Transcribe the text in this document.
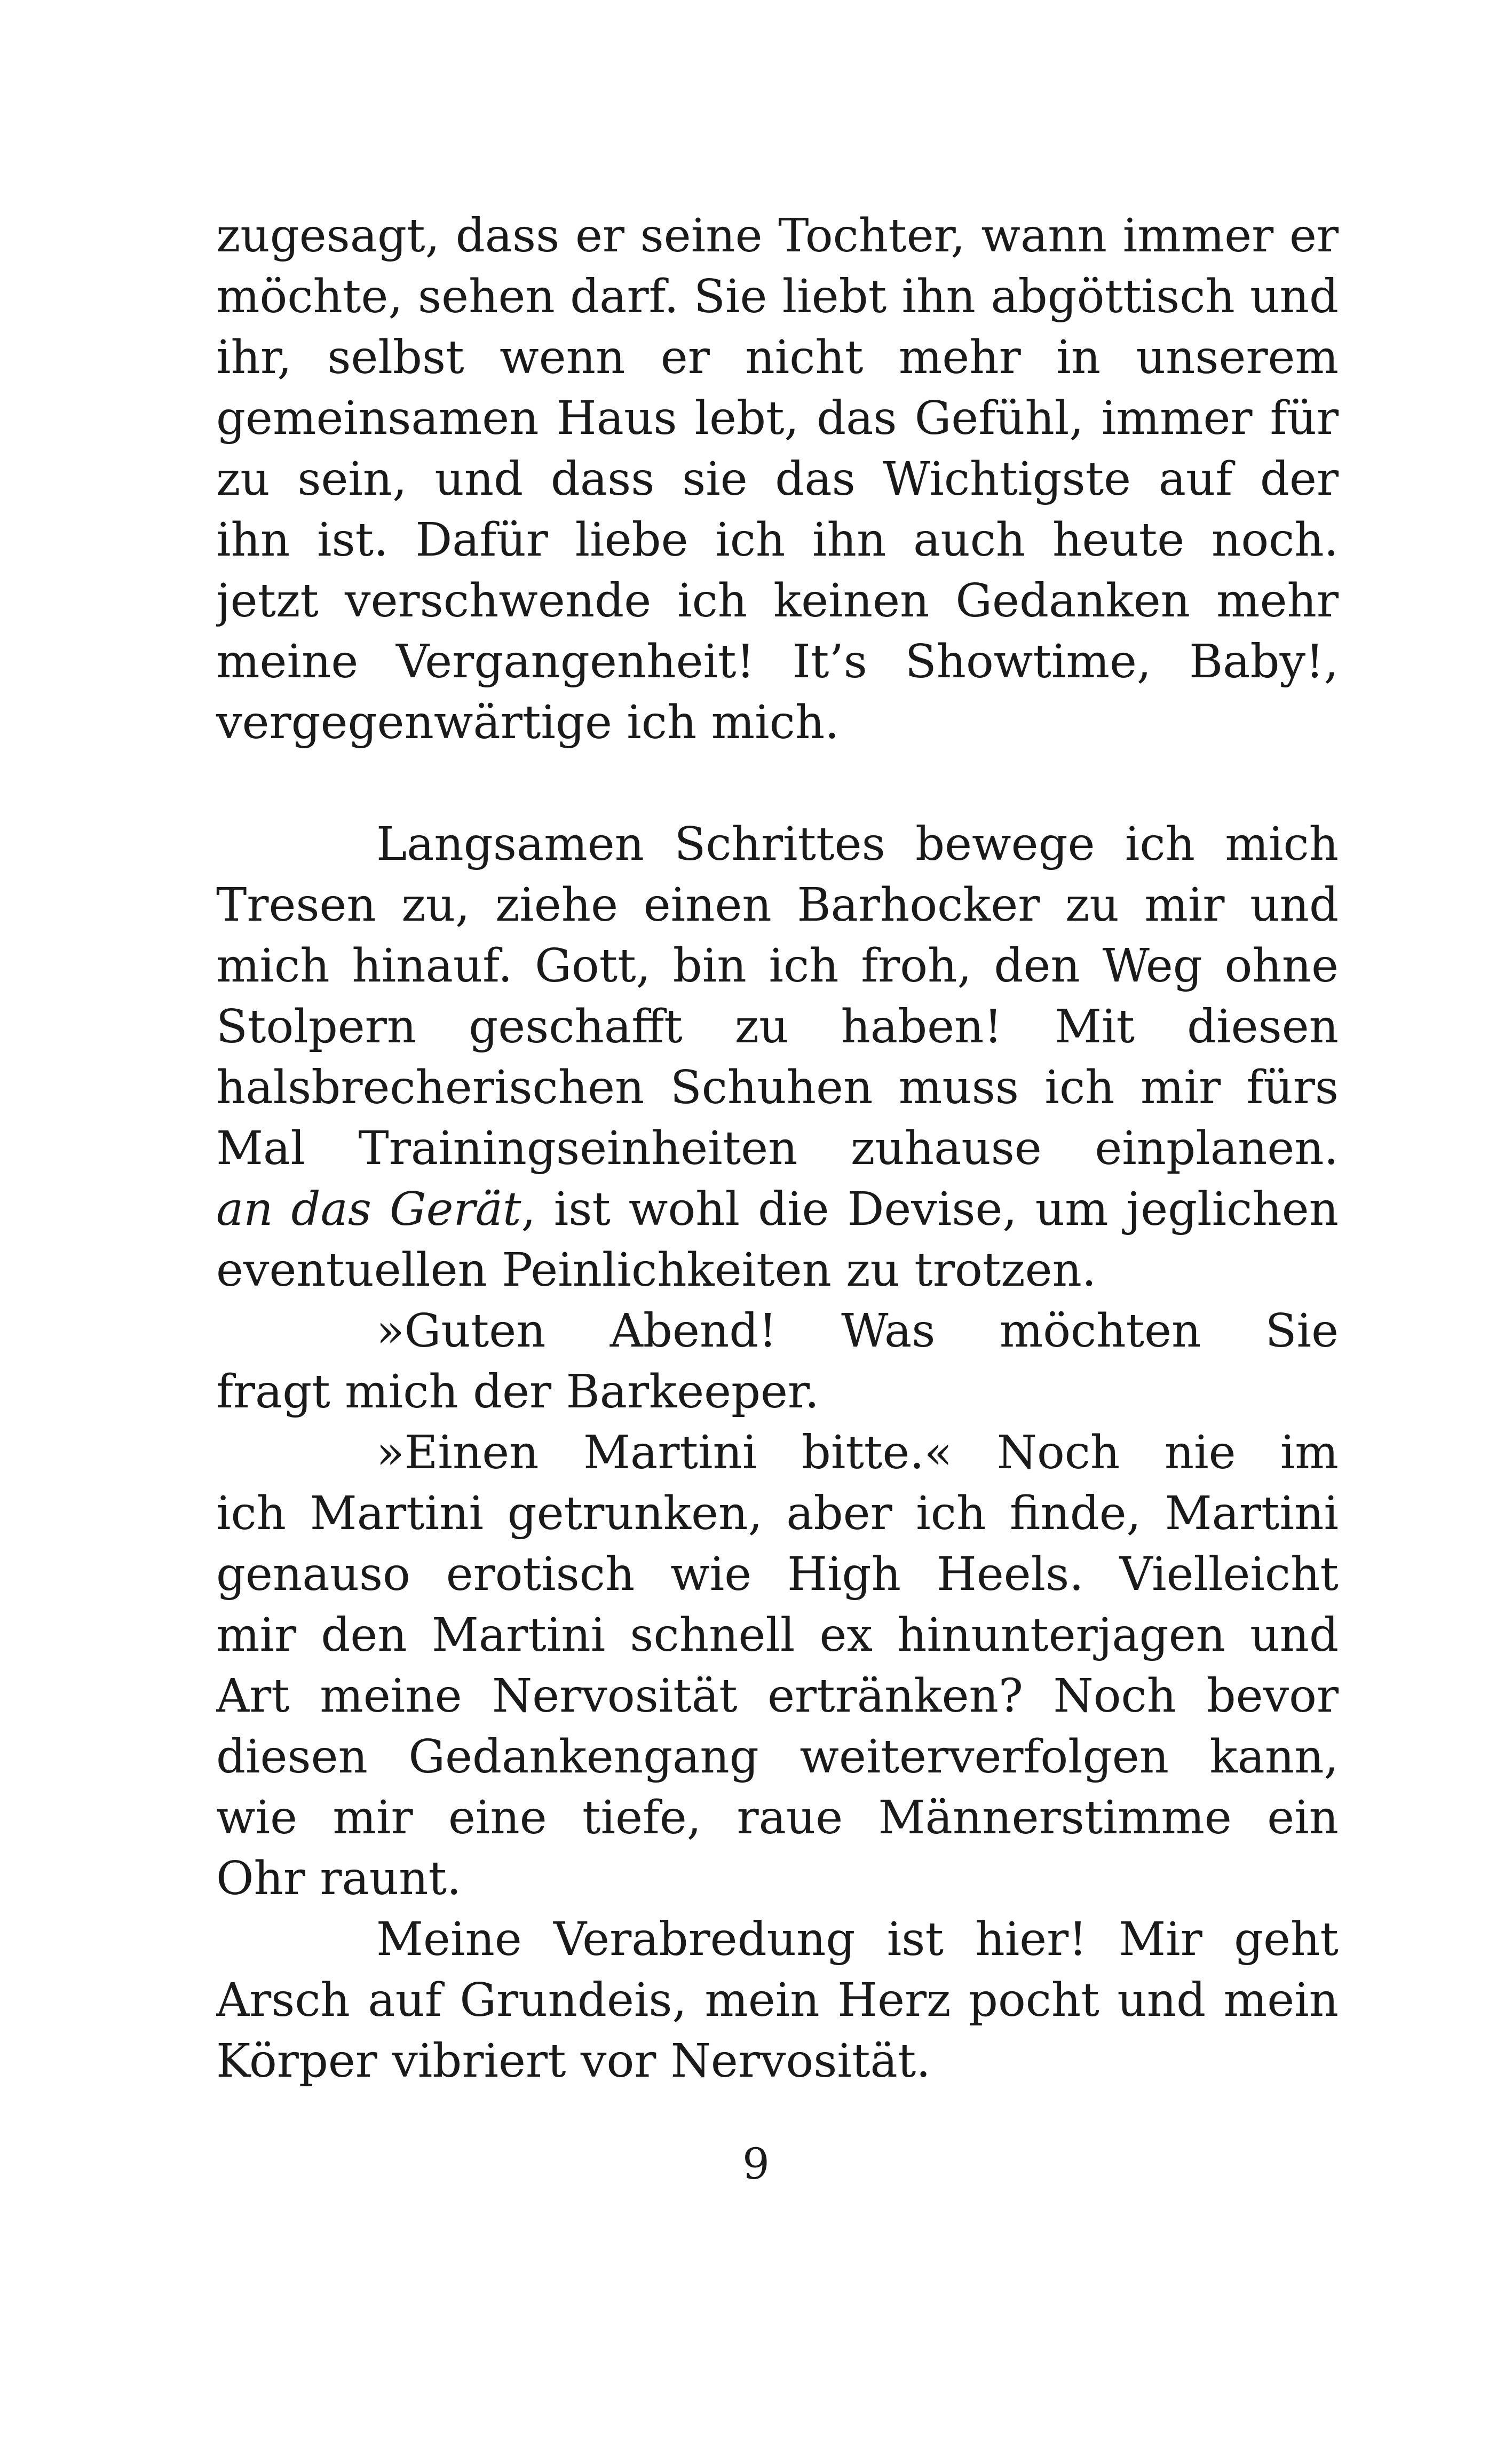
zugesagt, dass er seine Tochter, wann immer er
möchte, sehen darf. Sie liebt ihn abgöttisch und
ihr, selbst wenn er nicht mehr in unserem
gemeinsamen Haus lebt, das Gefühl, immer für
zu sein, und dass sie das Wichtigste auf der
ihn ist. Dafür liebe ich ihn auch heute noch.
jetzt verschwende ich keinen Gedanken mehr
meine Vergangenheit! It’s Showtime, Baby!,
vergegenwärtige ich mich.
Langsamen Schrittes bewege ich mich
Tresen zu, ziehe einen Barhocker zu mir und
mich hinauf. Gott, bin ich froh, den Weg ohne
Stolpern geschafft zu haben! Mit diesen
halsbrecherischen Schuhen muss ich mir fürs
Mal Trainingseinheiten zuhause einplanen.
an das Gerät, ist wohl die Devise, um jeglichen
eventuellen Peinlichkeiten zu trotzen.
»Guten Abend! Was möchten Sie
fragt mich der Barkeeper.
»Einen Martini bitte.« Noch nie im
ich Martini getrunken, aber ich finde, Martini
genauso erotisch wie High Heels. Vielleicht
mir den Martini schnell ex hinunterjagen und
Art meine Nervosität ertränken? Noch bevor
diesen Gedankengang weiterverfolgen kann,
wie mir eine tiefe, raue Männerstimme ein
Ohr raunt.
Meine Verabredung ist hier! Mir geht
Arsch auf Grundeis, mein Herz pocht und mein
Körper vibriert vor Nervosität.
9
